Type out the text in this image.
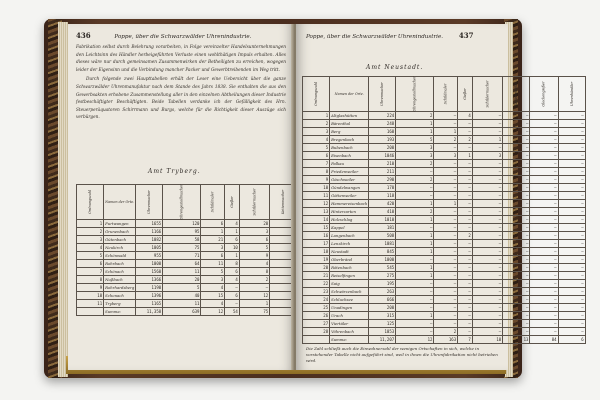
436	Poppe, über die Schwarzwälder Uhrenindustrie.

Fabrikation selbst durch Belehrung vorarbeiten, in Folge vereinzelter Handelsunternehmungen den Leichtsinn des Händler herbeigeführten Verluste einen wohlthätigen Impuls erhalten. Alles dieses wäre nur durch gemeinsamen Zusammenwirken der Betheiligten zu erreichen, wogegen leider der Eigensinn und die Verbindung mancher Packer und Gewerbtreibenden im Weg tritt.

Durch folgende zwei Haupttabellen erhält der Leser eine Uebersicht über die ganze Schwarzwälder Uhrenmanufaktur nach dem Stande des Jahrs 1838. Sie enthalten die aus den Gewerbsakten erhobene Zusammenstellung aller in den einzelnen Abtheilungen dieser Industrie festbeschäftigter Beschäftigten. Beide Tabellen verdanke ich der Gefälligkeit des Hrn. Steuerperäquatoren Schirrmann und Burgs, welche für die Richtigkeit dieser Auszüge sich verbürgen.

Amt Tryberg.
Ordnungszahl	Namen der Orte.	Uhrenmacher	Uhrengestellmacher	Schildmaler	Gießer	Schildermacher	Kettenmacher		
1	Furtwangen	1655	120	6	4	20			
2	Grunenbach	1166	95	1	1	3			
3	Gütenbach	1082	58	21	6	6			
4	Neukirch	1005	75	3	10	5			
5	Schönwald	955	71	6	1	9			
6	Rohrbach	1000	64	11	8	4			
7	Schönach	1560	11	5	6	8			
8	Nußbach	1366	20	3	4	2			
9	Rohrhardsberg	1190	5	4	—	—			
10	Schonach	1396	40	15	6	12			
11	Tryberg	1165	11	4	—	1			
	Summa:	11,358	639	12	54	75			
Poppe, über die Schwarzwälder Uhrenindustrie. 437
Amt Neustadt.
Ordnungszahl	Namen der Orte.	Uhrenmacher	Uhrengestellmacher	Schildmaler	Gießer	Schildermacher	Kettenmacher	Glockengießer	Uhrenhändler
1	Altglashütten	224	2	—	4	—	—	—	—
2	Bärenthal	248	1	—	—	—	—	—	—
3	Berg	160	1	1	—	—	—	—	—
4	Bregenbach	193	5	2	2	1	—	—	—
5	Bubenbach	200	3	—	—	—	—	—	—
6	Eisenbach	1046	3	3	1	3	—	—	—
7	Falkau	210	2	—	—	—	—	—	—
8	Friedenweiler	211	—	—	—	—	—	—	—
9	Göschweiler	290	2	—	—	—	—	—	—
10	Gündelwangen	170	—	—	—	—	—	—	—
11	Göttenweiler	118	—	—	—	—	—	—	—
12	Hammereisenbach	420	1	1	—	—	—	—	—
13	Hinterzarten	410	2	—	—	—	—	—	—
14	Holzschlag	1010	1	—	—	—	—	—	—
15	Kappel	181	—	—	—	—	—	—	—
16	Langenbach	508	1	—	2	—	—	—	—
17	Lenzkirch	1081	1	—	—	—	—	—	—
18	Neustadt	845	1	—	—	—	—	—	—
19	Oberbränd	1000	—	—	—	—	—	—	—
20	Rötenbach	545	1	—	—	—	—	—	—
21	Reiselfingen	275	1	—	—	—	—	—	—
22	Saig	195	—	—	—	—	—	—	—
23	Schwärzenbach	263	—	—	—	—	—	—	—
24	Schluchsee	666	—	—	—	—	—	—	—
25	Unadingen	200	—	—	—	—	—	—	—
26	Urach	315	1	—	—	—	—	—	—
27	Viertäler	125	—	—	—	—	—	—	—
28	Vöhrenbach	1053	—	2	—	—	—	—	—
	Summa:	11,207	12	163	7	10	13	84	6
Die Zahl schließt auch die Einwohnerzahl der wenigen Ortschaften in sich, welche in vorstehender Tabelle nicht aufgeführt sind, weil in ihnen die Uhrenfabrikation nicht betrieben wird.
